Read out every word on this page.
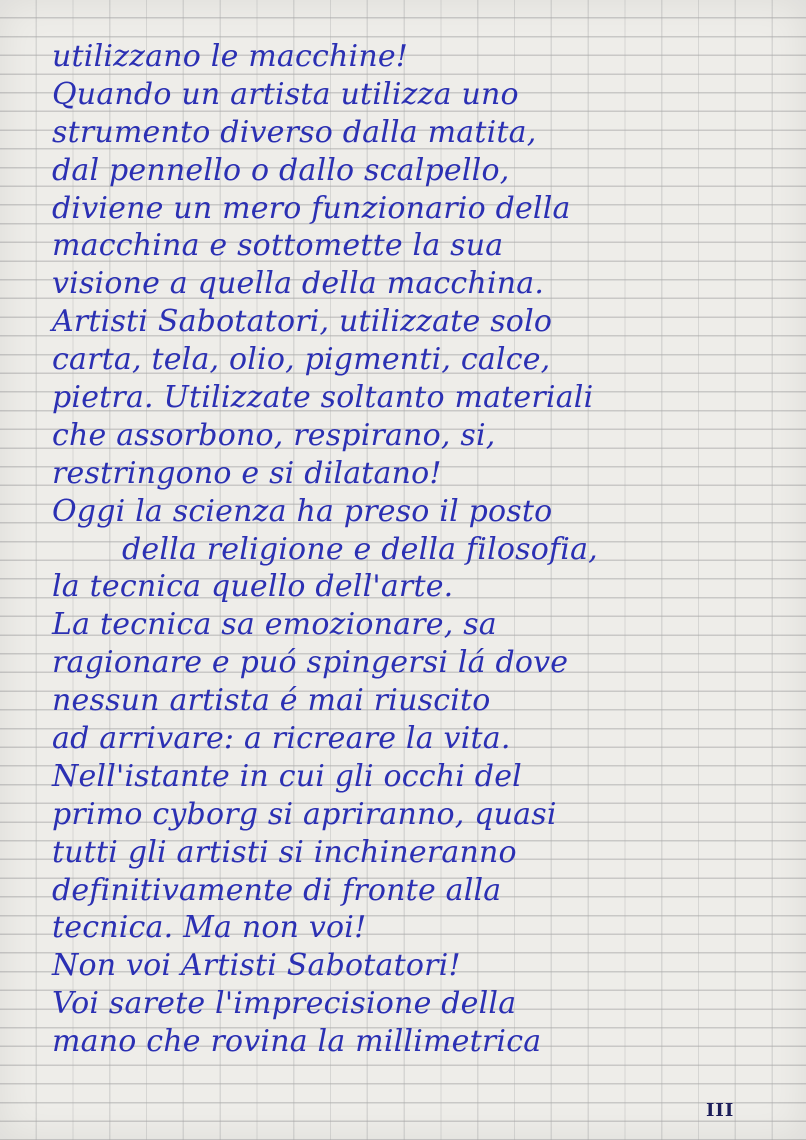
utilizzano le macchine!
Quando un artista utilizza uno
strumento diverso dalla matita,
dal pennello o dallo scalpello,
diviene un mero funzionario della
macchina e sottomette la sua
visione a quella della macchina.
Artisti Sabotatori, utilizzate solo
carta, tela, olio, pigmenti, calce,
pietra. Utilizzate soltanto materiali
che assorbono, respirano, si,
restringono e si dilatano!
Oggi la scienza ha preso il posto
della religione e della filosofia,
la tecnica quello dell'arte.
La tecnica sa emozionare, sa
ragionare e puó spingersi lá dove
nessun artista é mai riuscito
ad arrivare: a ricreare la vita.
Nell'istante in cui gli occhi del
primo cyborg si apriranno, quasi
tutti gli artisti si inchineranno
definitivamente di fronte alla
tecnica. Ma non voi!
Non voi Artisti Sabotatori!
Voi sarete l'imprecisione della
mano che rovina la millimetrica
III
